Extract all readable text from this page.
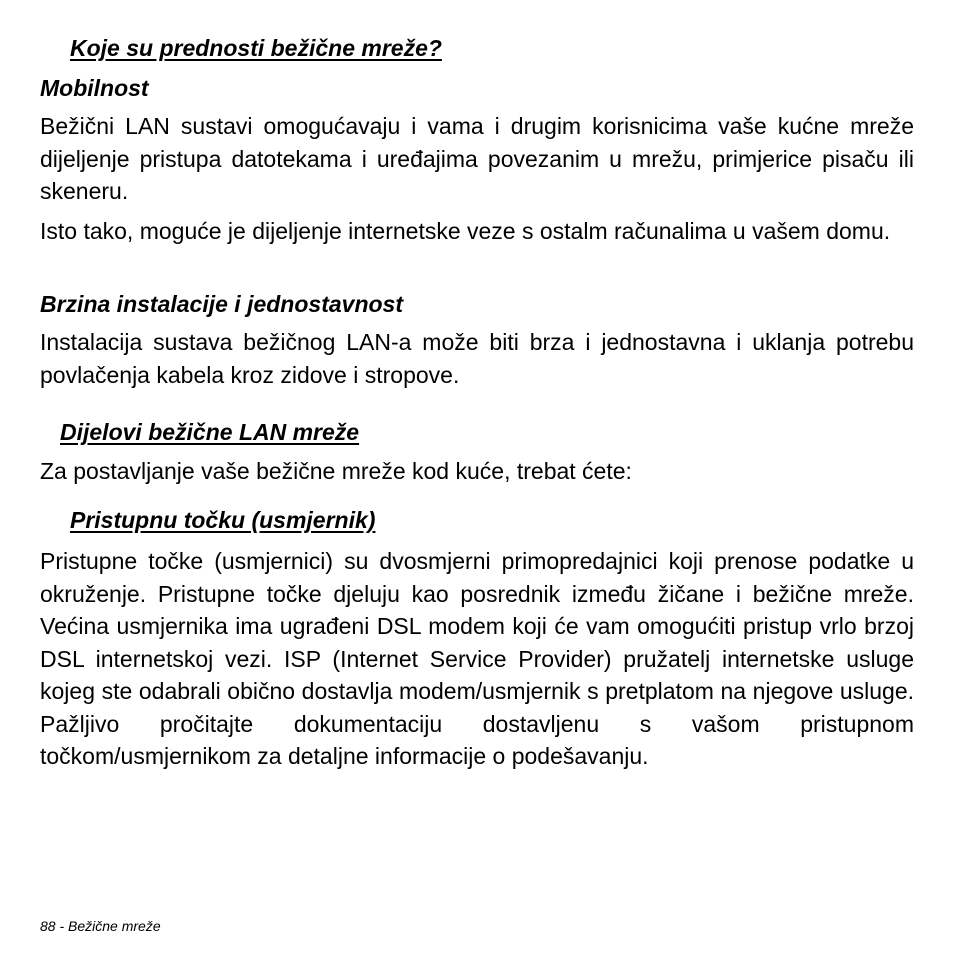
Koje su prednosti bežične mreže?
Mobilnost

Bežični LAN sustavi omogućavaju i vama i drugim korisnicima vaše kućne mreže dijeljenje pristupa datotekama i uređajima povezanim u mrežu, primjerice pisaču ili skeneru.

Isto tako, moguće je dijeljenje internetske veze s ostalm računalima u vašem domu.

Brzina instalacije i jednostavnost

Instalacija sustava bežičnog LAN-a može biti brza i jednostavna i uklanja potrebu povlačenja kabela kroz zidove i stropove.

Dijelovi bežične LAN mreže

Za postavljanje vaše bežične mreže kod kuće, trebat ćete:

Pristupnu točku (usmjernik)

Pristupne točke (usmjernici) su dvosmjerni primopredajnici koji prenose podatke u okruženje. Pristupne točke djeluju kao posrednik između žičane i bežične mreže. Većina usmjernika ima ugrađeni DSL modem koji će vam omogućiti pristup vrlo brzoj DSL internetskoj vezi. ISP (Internet Service Provider) pružatelj internetske usluge kojeg ste odabrali obično dostavlja modem/usmjernik s pretplatom na njegove usluge. Pažljivo pročitajte dokumentaciju dostavljenu s vašom pristupnom točkom/usmjernikom za detaljne informacije o podešavanju.

88 - Bežične mreže
